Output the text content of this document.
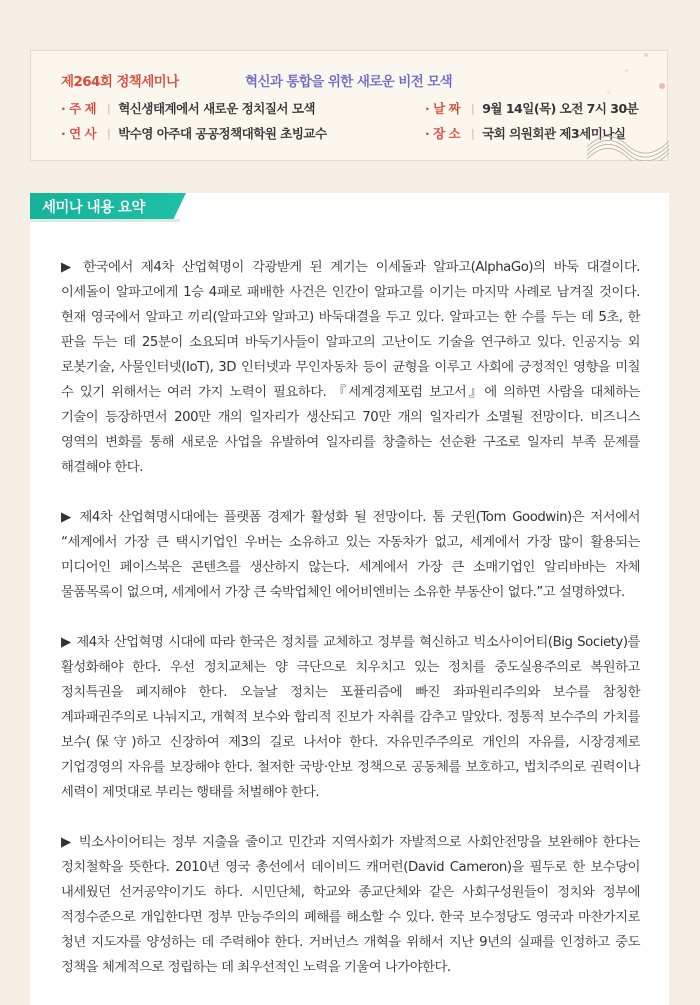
제264회 정책세미나	혁신과 통합을 위한 새로운 비전 모색
· 주 제 | 혁신생태계에서 새로운 정치질서 모색
· 연 사 | 박수영 아주대 공공정책대학원 초빙교수
· 날 짜 | 9월 14일(목) 오전 7시 30분
· 장 소 | 국회 의원회관 제3세미나실
세미나 내용 요약

▶ 한국에서 제4차 산업혁명이 각광받게 된 계기는 이세돌과 알파고(AlphaGo)의 바둑 대결이다. 이세돌이 알파고에게 1승 4패로 패배한 사건은 인간이 알파고를 이기는 마지막 사례로 남겨질 것이다. 현재 영국에서 알파고 끼리(알파고와 알파고) 바둑대결을 두고 있다. 알파고는 한 수를 두는 데 5초, 한 판을 두는 데 25분이 소요되며 바둑기사들이 알파고의 고난이도 기술을 연구하고 있다. 인공지능 외 로봇기술, 사물인터넷(IoT), 3D 인터넷과 무인자동차 등이 균형을 이루고 사회에 긍정적인 영향을 미칠 수 있기 위해서는 여러 가지 노력이 필요하다. 『세계경제포럼 보고서』에 의하면 사람을 대체하는 기술이 등장하면서 200만 개의 일자리가 생산되고 70만 개의 일자리가 소멸될 전망이다. 비즈니스 영역의 변화를 통해 새로운 사업을 유발하여 일자리를 창출하는 선순환 구조로 일자리 부족 문제를 해결해야 한다.

▶ 제4차 산업혁명시대에는 플랫폼 경제가 활성화 될 전망이다. 톰 굿윈(Tom Goodwin)은 저서에서 “세계에서 가장 큰 택시기업인 우버는 소유하고 있는 자동차가 없고, 세계에서 가장 많이 활용되는 미디어인 페이스북은 콘텐츠를 생산하지 않는다. 세계에서 가장 큰 소매기업인 알리바바는 자체 물품목록이 없으며, 세계에서 가장 큰 숙박업체인 에어비엔비는 소유한 부동산이 없다.”고 설명하였다.

▶ 제4차 산업혁명 시대에 따라 한국은 정치를 교체하고 정부를 혁신하고 빅소사이어티(Big Society)를 활성화해야 한다. 우선 정치교체는 양 극단으로 치우치고 있는 정치를 중도실용주의로 복원하고 정치특권을 폐지해야 한다. 오늘날 정치는 포퓰리즘에 빠진 좌파원리주의와 보수를 참칭한 계파패권주의로 나눠지고, 개혁적 보수와 합리적 진보가 자취를 감추고 말았다. 정통적 보수주의 가치를 보수(保守)하고 신장하여 제3의 길로 나서야 한다. 자유민주주의로 개인의 자유를, 시장경제로 기업경영의 자유를 보장해야 한다. 철저한 국방·안보 정책으로 공동체를 보호하고, 법치주의로 권력이나 세력이 제멋대로 부리는 행태를 처벌해야 한다.

▶ 빅소사이어티는 정부 지출을 줄이고 민간과 지역사회가 자발적으로 사회안전망을 보완해야 한다는 정치철학을 뜻한다. 2010년 영국 총선에서 데이비드 캐머런(David Cameron)을 필두로 한 보수당이 내세웠던 선거공약이기도 하다. 시민단체, 학교와 종교단체와 같은 사회구성원들이 정치와 정부에 적정수준으로 개입한다면 정부 만능주의의 폐해를 해소할 수 있다. 한국 보수정당도 영국과 마찬가지로 청년 지도자를 양성하는 데 주력해야 한다. 거버넌스 개혁을 위해서 지난 9년의 실패를 인정하고 중도 정책을 체계적으로 정립하는 데 최우선적인 노력을 기울여 나가야한다.
